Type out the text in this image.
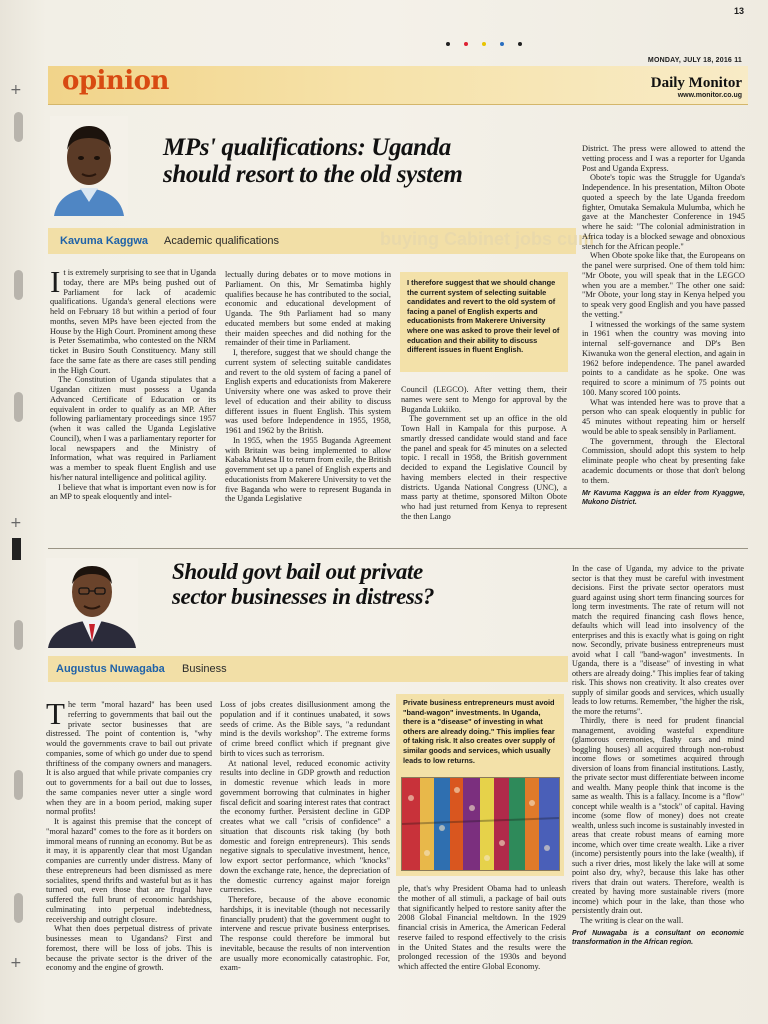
+
+
+
13
MONDAY, JULY 18, 2016 11
opinion	Daily Monitor
www.monitor.co.ug
MPs' qualifications: Uganda
should resort to the old system
buying Cabinet jobs cum
Kavuma Kaggwa Academic qualifications

It is extremely surprising to see that in Uganda today, there are MPs being pushed out of Parliament for lack of academic qualifications. Uganda's general elections were held on February 18 but within a period of four months, seven MPs have been ejected from the House by the High Court. Prominent among these is Peter Ssematimba, who contested on the NRM ticket in Busiro South Constituency. Many still face the same fate as there are cases still pending in the High Court.

The Constitution of Uganda stipulates that a Ugandan citizen must possess a Uganda Advanced Certificate of Education or its equivalent in order to qualify as an MP. After following parliamentary proceedings since 1957 (when it was called the Uganda Legislative Council), when I was a parliamentary reporter for local newspapers and the Ministry of Information, what was required in Parliament was a member to speak fluent English and use his/her natural intelligence and political agility.

I believe that what is important even now is for an MP to speak eloquently and intel-

lectually during debates or to move motions in Parliament. On this, Mr Sematimba highly qualifies because he has contributed to the social, economic and educational development of Uganda. The 9th Parliament had so many educated members but some ended at making their maiden speeches and did nothing for the remainder of their time in Parliament.

I, therefore, suggest that we should change the current system of selecting suitable candidates and revert to the old system of facing a panel of English experts and educationists from Makerere University where one was asked to prove their level of education and their ability to discuss different issues in fluent English. This system was used before Independence in 1955, 1958, 1961 and 1962 by the British.

In 1955, when the 1955 Buganda Agreement with Britain was being implemented to allow Kabaka Mutesa II to return from exile, the British government set up a panel of English experts and educationists from Makerere University to vet the five Baganda who were to represent Buganda in the Uganda Legislative

I therefore suggest that we should change the current system of selecting suitable candidates and revert to the old system of facing a panel of English experts and educationists from Makerere University where one was asked to prove their level of education and their ability to discuss different issues in fluent English.

Council (LEGCO). After vetting them, their names were sent to Mengo for approval by the Buganda Lukiiko.

The government set up an office in the old Town Hall in Kampala for this purpose. A smartly dressed candidate would stand and face the panel and speak for 45 minutes on a selected topic. I recall in 1958, the British government decided to expand the Legislative Council by having members elected in their respective districts. Uganda National Congress (UNC), a mass party at thetime, sponsored Milton Obote who had just returned from Kenya to represent the then Lango

District. The press were allowed to attend the vetting process and I was a reporter for Uganda Post and Uganda Express.

Obote's topic was the Struggle for Uganda's Independence. In his presentation, Milton Obote quoted a speech by the late Uganda freedom fighter, Omutaka Semakula Mulumba, which he gave at the Manchester Conference in 1945 where he said: "The colonial administration in Africa today is a blocked sewage and obnoxious stench for the African people."

When Obote spoke like that, the Europeans on the panel were surprised. One of them told him: "Mr Obote, you will speak that in the LEGCO when you are a member." The other one said: "Mr Obote, your long stay in Kenya helped you to speak very good English and you have passed the vetting."

I witnessed the workings of the same system in 1961 when the country was moving into internal self-governance and DP's Ben Kiwanuka won the general election, and again in 1962 before independence. The panel awarded points to a candidate as he spoke. One was required to score a minimum of 75 points out 100. Many scored 100 points.

What was intended here was to prove that a person who can speak eloquently in public for 45 minutes without repeating him or herself would be able to speak sensibly in Parliament.

The government, through the Electoral Commission, should adopt this system to help eliminate people who cheat by presenting fake academic documents or those that don't belong to them.

Mr Kavuma Kaggwa is an elder from Kyaggwe, Mukono District.
Should govt bail out private
sector businesses in distress?
Augustus Nuwagaba Business

The term "moral hazard" has been used referring to governments that bail out the private sector businesses that are distressed. The point of contention is, "why would the governments crave to bail out private companies, some of which go under due to spend thriftiness of the company owners and managers. It is also argued that while private companies cry out to governments for a bail out due to losses, the same companies never utter a single word when they are in a boom period, making super normal profits!

It is against this premise that the concept of "moral hazard" comes to the fore as it borders on immoral means of running an economy. But be as it may, it is apparently clear that most Ugandan companies are currently under distress. Many of these entrepreneurs had been dismissed as mere socialites, spend thrifts and wasteful but as it has turned out, even those that are frugal have suffered the full brunt of economic hardships, culminating into perpetual indebtedness, receivership and outright closure.

What then does perpetual distress of private businesses mean to Ugandans? First and foremost, there will be loss of jobs. This is because the private sector is the driver of the economy and the engine of growth.

Loss of jobs creates disillusionment among the population and if it continues unabated, it sows seeds of crime. As the Bible says, "a redundant mind is the devils workshop". The extreme forms of crime breed conflict which if pregnant give birth to vices such as terrorism.

At national level, reduced economic activity results into decline in GDP growth and reduction in domestic revenue which leads in more government borrowing that culminates in higher fiscal deficit and soaring interest rates that contract the economy further. Persistent decline in GDP creates what we call "crisis of confidence" a situation that discounts risk taking (by both domestic and foreign entrepreneurs). This sends negative signals to speculative investment, hence, low export sector performance, which "knocks" down the exchange rate, hence, the depreciation of the domestic currency against major foreign currencies.

Therefore, because of the above economic hardships, it is inevitable (though not necessarily financially prudent) that the government ought to intervene and rescue private business enterprises. The response could therefore be immoral but inevitable, because the results of non intervention are usually more economically catastrophic. For, exam-

Private business entrepreneurs must avoid "band-wagon" investments. In Uganda, there is a "disease" of investing in what others are already doing." This implies fear of taking risk. It also creates over supply of similar goods and services, which usually leads to low returns.

ple, that's why President Obama had to unleash the mother of all stimuli, a package of bail outs that significantly helped to restore sanity after the 2008 Global Financial meltdown. In the 1929 financial crisis in America, the American Federal reserve failed to respond effectively to the crisis in the United States and the results were the prolonged recession of the 1930s and beyond which affected the entire Global Economy.

In the case of Uganda, my advice to the private sector is that they must be careful with investment decisions. First the private sector operators must guard against using short term financing sources for long term investments. The rate of return will not match the required financing cash flows hence, defaults which will lead into insolvency of the enterprises and this is exactly what is going on right now. Secondly, private business entrepreneurs must avoid what I call "band-wagon" investments. In Uganda, there is a "disease" of investing in what others are already doing." This implies fear of taking risk. This shows non creativity. It also creates over supply of similar goods and services, which usually leads to low returns. Remember, "the higher the risk, the more the returns".

Thirdly, there is need for prudent financial management, avoiding wasteful expenditure (glamorous ceremonies, flashy cars and mind boggling houses) all acquired through non-robust income flows or sometimes acquired through diversion of loans from financial institutions. Lastly, the private sector must differentiate between income and wealth. Many people think that income is the same as wealth. This is a fallacy. Income is a "flow" concept while wealth is a "stock" of capital. Having income (some flow of money) does not create wealth, unless such income is sustainably invested in areas that create robust means of earning more income, which over time create wealth. Like a river (income) persistently pours into the lake (wealth), if such a river dries, most likely the lake will at some point also dry, why?, because this lake has other rivers that drain out waters. Therefore, wealth is created by having more sustainable rivers (more income) which pour in the lake, than those who persistently drain out.

The writing is clear on the wall.

Prof Nuwagaba is a consultant on economic transformation in the African region.
